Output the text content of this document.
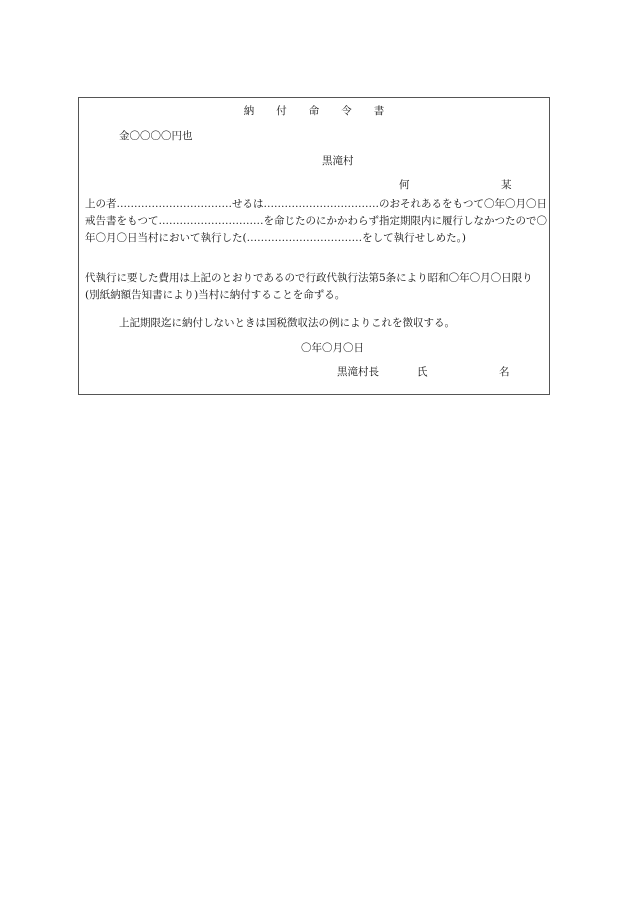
納 付 命 令 書
金〇〇〇〇円也
黒滝村
何	某
上の者……………………………せるは……………………………のおそれあるをもつて〇年〇月〇日戒告書をもつて…………………………を命じたのにかかわらず指定期限内に履行しなかつたので〇年〇月〇日当村において執行した(……………………………をして執行せしめた。)
代執行に要した費用は上記のとおりであるので行政代執行法第5条により昭和〇年〇月〇日限り(別紙納額告知書により)当村に納付することを命ずる。
上記期限迄に納付しないときは国税徴収法の例によりこれを徴収する。
〇年〇月〇日
黒滝村長	氏	名
